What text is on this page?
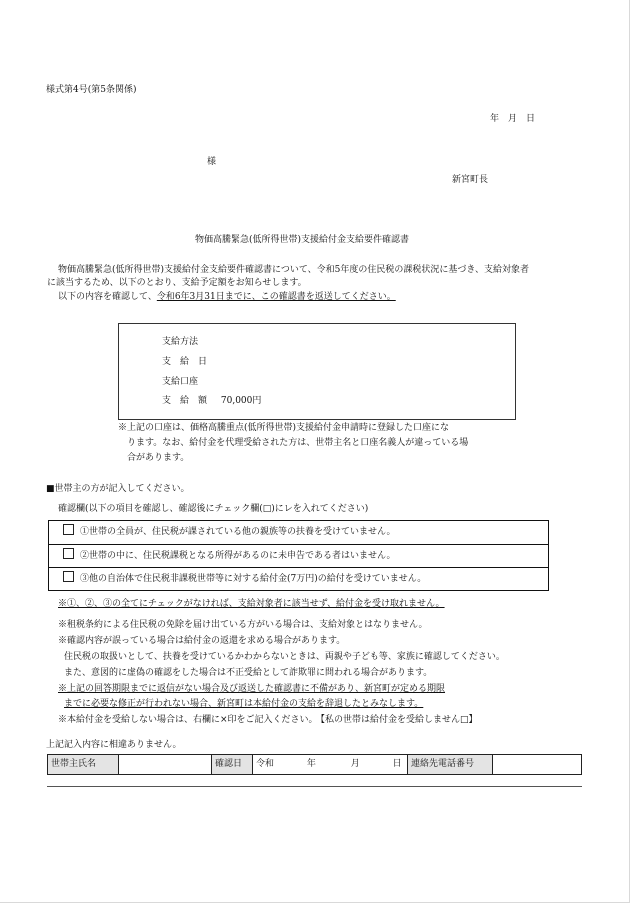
様式第4号(第5条関係)
年　月　日
様
新宮町長
物価高騰緊急(低所得世帯)支援給付金支給要件確認書
物価高騰緊急(低所得世帯)支援給付金支給要件確認書について、令和5年度の住民税の課税状況に基づき、支給対象者
に該当するため、以下のとおり、支給予定額をお知らせします。
以下の内容を確認して、令和6年3月31日までに、この確認書を返送してください。
支給方法
支　給　日
支給口座
支　給　額 70,000円
※上記の口座は、価格高騰重点(低所得世帯)支援給付金申請時に登録した口座にな
ります。なお、給付金を代理受給された方は、世帯主名と口座名義人が違っている場
合があります。
■世帯主の方が記入してください。
確認欄(以下の項目を確認し、確認後にチェック欄(□)にレを入れてください)
①世帯の全員が、住民税が課されている他の親族等の扶養を受けていません。
②世帯の中に、住民税課税となる所得があるのに未申告である者はいません。
③他の自治体で住民税非課税世帯等に対する給付金(7万円)の給付を受けていません。
※①、②、③の全てにチェックがなければ、支給対象者に該当せず、給付金を受け取れません。
※租税条約による住民税の免除を届け出ている方がいる場合は、支給対象とはなりません。
※確認内容が誤っている場合は給付金の返還を求める場合があります。
住民税の取扱いとして、扶養を受けているかわからないときは、両親や子ども等、家族に確認してください。
また、意図的に虚偽の確認をした場合は不正受給として詐欺罪に問われる場合があります。
※上記の回答期限までに返信がない場合及び返送した確認書に不備があり、新宮町が定める期限
までに必要な修正が行われない場合、新宮町は本給付金の支給を辞退したとみなします。
※本給付金を受給しない場合は、右欄に×印をご記入ください。 【私の世帯は給付金を受給しません□】
上記記入内容に相違ありません。
世帯主氏名		確認日	令和	年	月	日	連絡先電話番号	
